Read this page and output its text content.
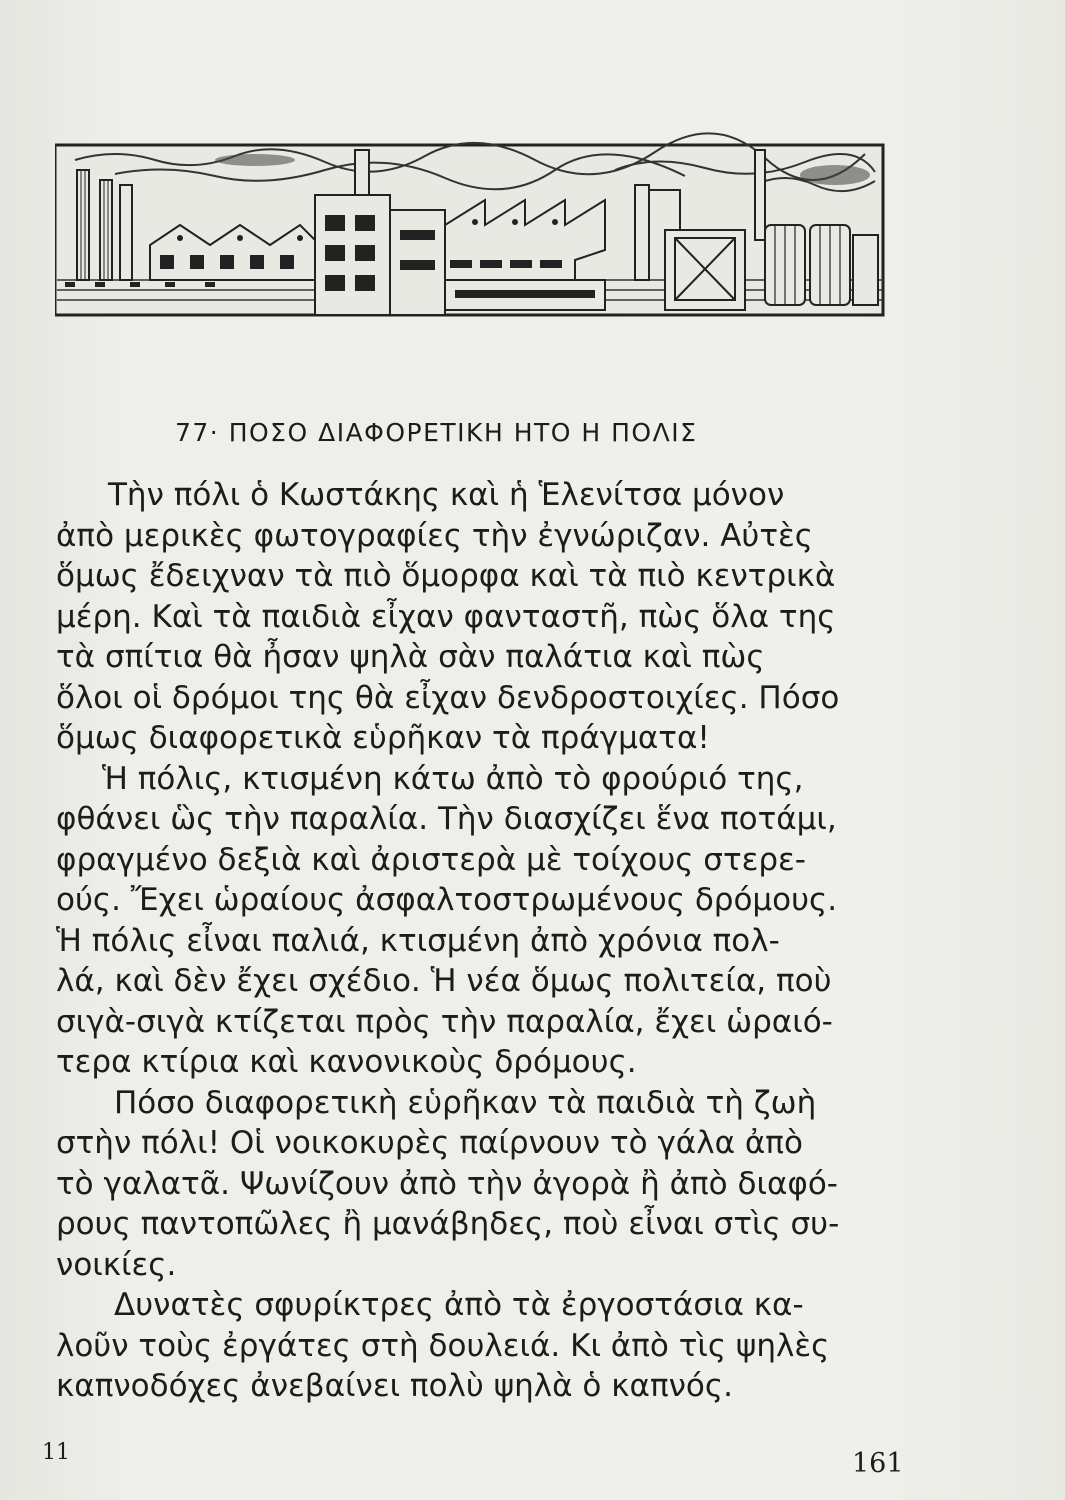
77· ΠΟΣΟ ΔΙΑΦΟΡΕΤΙΚΗ ΗΤΟ Η ΠΟΛΙΣ

Τὴν πόλι ὁ Κωστάκης καὶ ἡ Ἑλενίτσα μόνον
ἀπὸ μερικὲς φωτογραφίες τὴν ἐγνώριζαν. Αὐτὲς
ὅμως ἔδειχναν τὰ πιὸ ὅμορφα καὶ τὰ πιὸ κεντρικὰ
μέρη. Καὶ τὰ παιδιὰ εἶχαν φανταστῆ, πὼς ὅλα της
τὰ σπίτια θὰ ἦσαν ψηλὰ σὰν παλάτια καὶ πὼς
ὅλοι οἱ δρόμοι της θὰ εἶχαν δενδροστοιχίες. Πόσο
ὅμως διαφορετικὰ εὑρῆκαν τὰ πράγματα!

Ἡ πόλις, κτισμένη κάτω ἀπὸ τὸ φρούριό της,
φθάνει ὣς τὴν παραλία. Τὴν διασχίζει ἕνα ποτάμι,
φραγμένο δεξιὰ καὶ ἀριστερὰ μὲ τοίχους στερε-
ούς. Ἔχει ὡραίους ἀσφαλτοστρωμένους δρόμους.
Ἡ πόλις εἶναι παλιά, κτισμένη ἀπὸ χρόνια πολ-
λά, καὶ δὲν ἔχει σχέδιο. Ἡ νέα ὅμως πολιτεία, ποὺ
σιγὰ-σιγὰ κτίζεται πρὸς τὴν παραλία, ἔχει ὡραιό-
τερα κτίρια καὶ κανονικοὺς δρόμους.

Πόσο διαφορετικὴ εὑρῆκαν τὰ παιδιὰ τὴ ζωὴ
στὴν πόλι! Οἱ νοικοκυρὲς παίρνουν τὸ γάλα ἀπὸ
τὸ γαλατᾶ. Ψωνίζουν ἀπὸ τὴν ἀγορὰ ἢ ἀπὸ διαφό-
ρους παντοπῶλες ἢ μανάβηδες, ποὺ εἶναι στὶς συ-
νοικίες.

Δυνατὲς σφυρίκτρες ἀπὸ τὰ ἐργοστάσια κα-
λοῦν τοὺς ἐργάτες στὴ δουλειά. Κι ἀπὸ τὶς ψηλὲς
καπνοδόχες ἀνεβαίνει πολὺ ψηλὰ ὁ καπνός.

11	161
